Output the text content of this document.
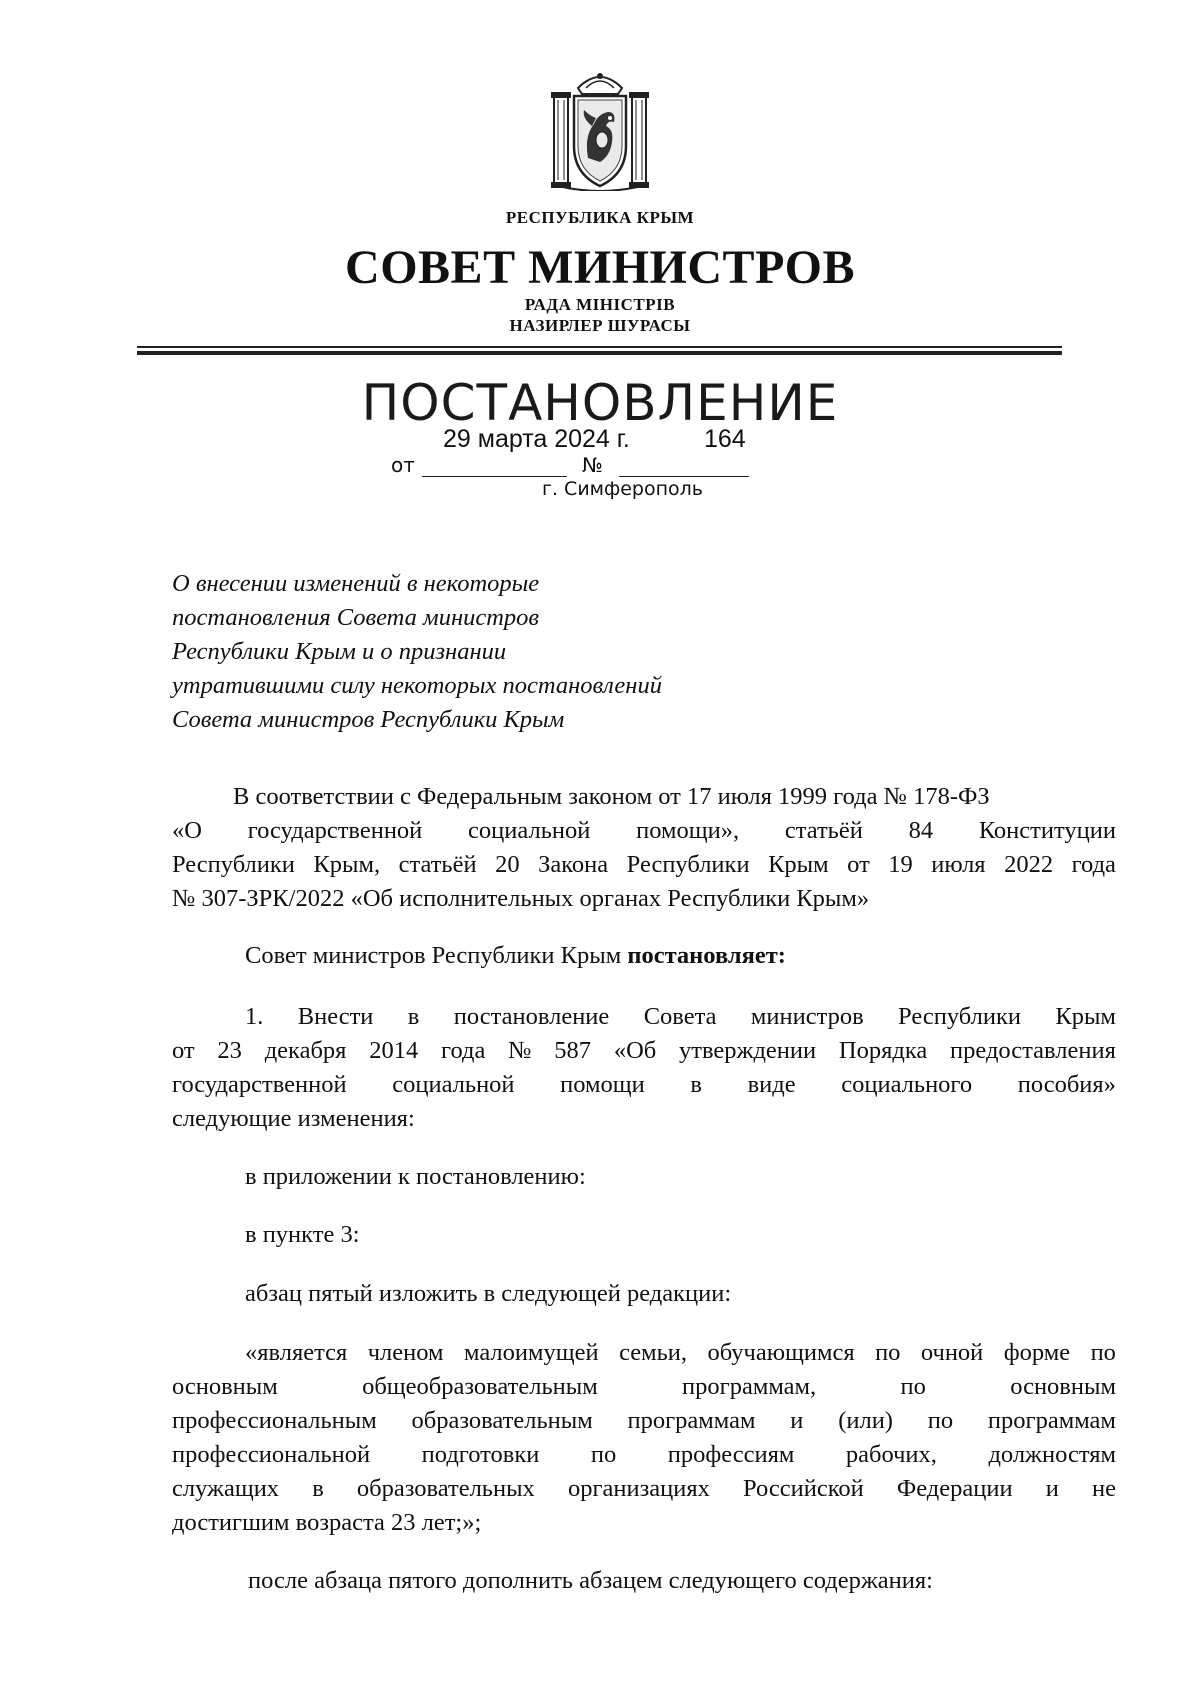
РЕСПУБЛИКА КРЫМ
СОВЕТ МИНИСТРОВ
РАДА МІНІСТРІВ
НАЗИРЛЕР ШУРАСЫ
ПОСТАНОВЛЕНИЕ
от
29 марта 2024 г.
№
164
г. Симферополь
О внесении изменений в некоторые
постановления Совета министров
Республики Крым и о признании
утратившими силу некоторых постановлений
Совета министров Республики Крым
В соответствии с Федеральным законом от 17 июля 1999 года № 178-ФЗ
«О государственной социальной помощи», статьёй 84 Конституции
Республики Крым, статьёй 20 Закона Республики Крым от 19 июля 2022 года
№ 307-ЗРК/2022 «Об исполнительных органах Республики Крым»
Совет министров Республики Крым постановляет:
1. Внести в постановление Совета министров Республики Крым
от 23 декабря 2014 года № 587 «Об утверждении Порядка предоставления
государственной социальной помощи в виде социального пособия»
следующие изменения:
в приложении к постановлению:
в пункте 3:
абзац пятый изложить в следующей редакции:
«является членом малоимущей семьи, обучающимся по очной форме по
основным	общеобразовательным	программам,	по	основным
профессиональным образовательным программам и (или) по программам
профессиональной подготовки по профессиям рабочих, должностям
служащих в образовательных организациях Российской Федерации и не
достигшим возраста 23 лет;»;
после абзаца пятого дополнить абзацем следующего содержания:
